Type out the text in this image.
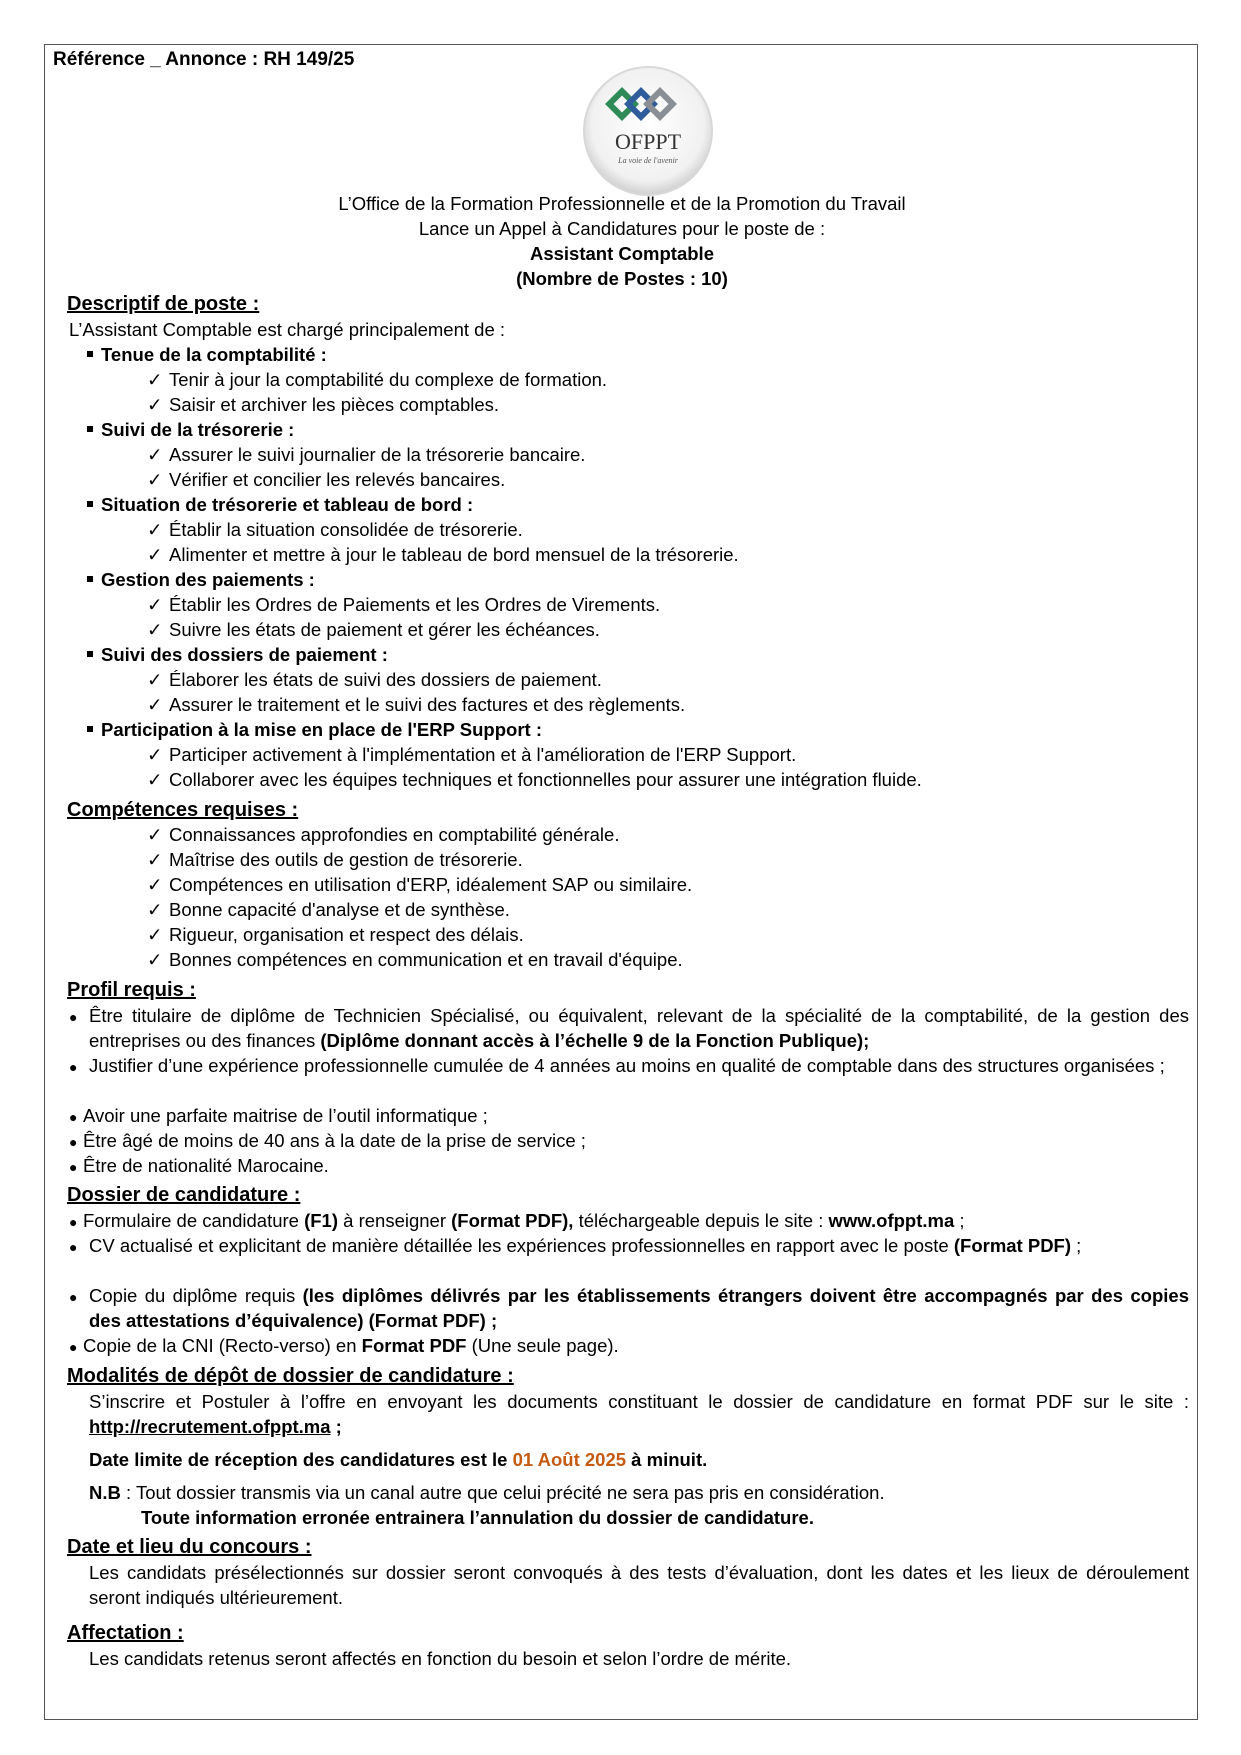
Référence _ Annonce : RH 149/25
OFPPT
La voie de l'avenir
L’Office de la Formation Professionnelle et de la Promotion du Travail
Lance un Appel à Candidatures pour le poste de :
Assistant Comptable
(Nombre de Postes : 10)
Descriptif de poste :
L’Assistant Comptable est chargé principalement de :
Tenue de la comptabilité :
✓ Tenir à jour la comptabilité du complexe de formation.
✓ Saisir et archiver les pièces comptables.
Suivi de la trésorerie :
✓ Assurer le suivi journalier de la trésorerie bancaire.
✓ Vérifier et concilier les relevés bancaires.
Situation de trésorerie et tableau de bord :
✓ Établir la situation consolidée de trésorerie.
✓ Alimenter et mettre à jour le tableau de bord mensuel de la trésorerie.
Gestion des paiements :
✓ Établir les Ordres de Paiements et les Ordres de Virements.
✓ Suivre les états de paiement et gérer les échéances.
Suivi des dossiers de paiement :
✓ Élaborer les états de suivi des dossiers de paiement.
✓ Assurer le traitement et le suivi des factures et des règlements.
Participation à la mise en place de l'ERP Support :
✓ Participer activement à l'implémentation et à l'amélioration de l'ERP Support.
✓ Collaborer avec les équipes techniques et fonctionnelles pour assurer une intégration fluide.
Compétences requises :
✓ Connaissances approfondies en comptabilité générale.
✓ Maîtrise des outils de gestion de trésorerie.
✓ Compétences en utilisation d'ERP, idéalement SAP ou similaire.
✓ Bonne capacité d'analyse et de synthèse.
✓ Rigueur, organisation et respect des délais.
✓ Bonnes compétences en communication et en travail d'équipe.
Profil requis :
● Être titulaire de diplôme de Technicien Spécialisé, ou équivalent, relevant de la spécialité de la comptabilité, de la gestion des entreprises ou des finances (Diplôme donnant accès à l’échelle 9 de la Fonction Publique);
● Justifier d’une expérience professionnelle cumulée de 4 années au moins en qualité de comptable dans des structures organisées ;
● Avoir une parfaite maitrise de l’outil informatique ;
● Être âgé de moins de 40 ans à la date de la prise de service ;
● Être de nationalité Marocaine.
Dossier de candidature :
● Formulaire de candidature (F1) à renseigner (Format PDF), téléchargeable depuis le site : www.ofppt.ma ;
● CV actualisé et explicitant de manière détaillée les expériences professionnelles en rapport avec le poste (Format PDF) ;
● Copie du diplôme requis (les diplômes délivrés par les établissements étrangers doivent être accompagnés par des copies des attestations d’équivalence) (Format PDF) ;
● Copie de la CNI (Recto-verso) en Format PDF (Une seule page).
Modalités de dépôt de dossier de candidature :
S’inscrire et Postuler à l’offre en envoyant les documents constituant le dossier de candidature en format PDF sur le site : http://recrutement.ofppt.ma ;
Date limite de réception des candidatures est le 01 Août 2025 à minuit.
N.B : Tout dossier transmis via un canal autre que celui précité ne sera pas pris en considération.
Toute information erronée entrainera l’annulation du dossier de candidature.
Date et lieu du concours :
Les candidats présélectionnés sur dossier seront convoqués à des tests d’évaluation, dont les dates et les lieux de déroulement seront indiqués ultérieurement.
Affectation :
Les candidats retenus seront affectés en fonction du besoin et selon l’ordre de mérite.
